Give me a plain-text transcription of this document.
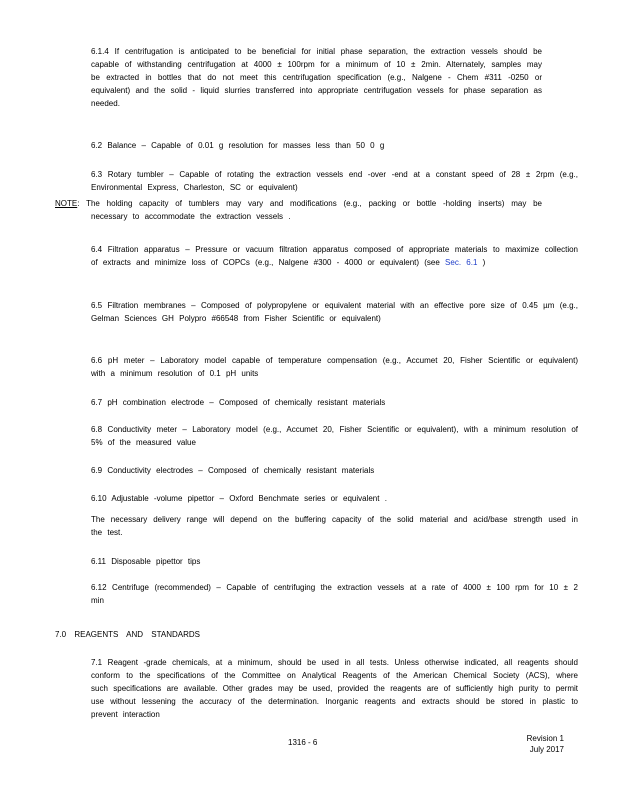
6.1.4 If centrifugation is anticipated to be beneficial for initial phase separation, the extraction vessels should be capable of withstanding centrifugation at 4000 ± 100rpm for a minimum of 10 ± 2min. Alternately, samples may be extracted in bottles that do not meet this centrifugation specification (e.g., Nalgene - Chem #311 -0250 or equivalent) and the solid - liquid slurries transferred into appropriate centrifugation vessels for phase separation as needed.
6.2 Balance – Capable of 0.01 g resolution for masses less than 50 0 g
6.3 Rotary tumbler – Capable of rotating the extraction vessels end -over -end at a constant speed of 28 ± 2rpm (e.g., Environmental Express, Charleston, SC or equivalent)
NOTE: The holding capacity of tumblers may vary and modifications (e.g., packing or bottle -holding inserts) may be necessary to accommodate the extraction vessels .
6.4 Filtration apparatus – Pressure or vacuum filtration apparatus composed of appropriate materials to maximize collection of extracts and minimize loss of COPCs (e.g., Nalgene #300 - 4000 or equivalent) (see Sec. 6.1 )
6.5 Filtration membranes – Composed of polypropylene or equivalent material with an effective pore size of 0.45 µm (e.g., Gelman Sciences GH Polypro #66548 from Fisher Scientific or equivalent)
6.6 pH meter – Laboratory model capable of temperature compensation (e.g., Accumet 20, Fisher Scientific or equivalent) with a minimum resolution of 0.1 pH units
6.7 pH combination electrode – Composed of chemically resistant materials
6.8 Conductivity meter – Laboratory model (e.g., Accumet 20, Fisher Scientific or equivalent), with a minimum resolution of 5% of the measured value
6.9 Conductivity electrodes – Composed of chemically resistant materials
6.10 Adjustable -volume pipettor – Oxford Benchmate series or equivalent .
The necessary delivery range will depend on the buffering capacity of the solid material and acid/base strength used in the test.
6.11 Disposable pipettor tips
6.12 Centrifuge (recommended) – Capable of centrifuging the extraction vessels at a rate of 4000 ± 100 rpm for 10 ± 2 min
7.0 REAGENTS AND STANDARDS
7.1 Reagent -grade chemicals, at a minimum, should be used in all tests. Unless otherwise indicated, all reagents should conform to the specifications of the Committee on Analytical Reagents of the American Chemical Society (ACS), where such specifications are available. Other grades may be used, provided the reagents are of sufficiently high purity to permit use without lessening the accuracy of the determination. Inorganic reagents and extracts should be stored in plastic to prevent interaction
1316 - 6	Revision 1
July 2017
